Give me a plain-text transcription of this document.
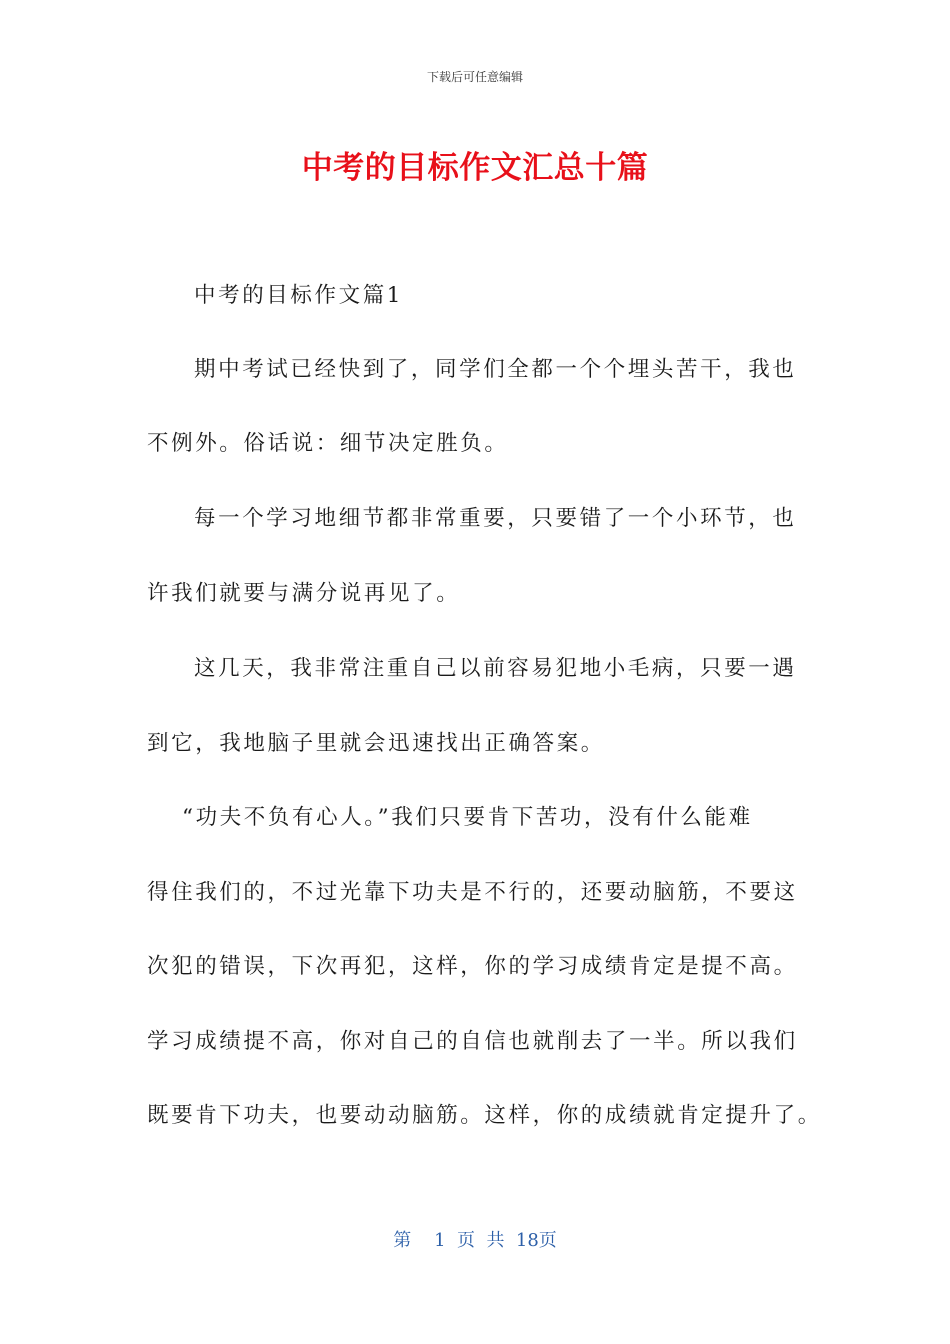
下载后可任意编辑
中考的目标作文汇总十篇
中考的目标作文篇1
期中考试已经快到了，同学们全都一个个埋头苦干，我也
不例外。俗话说：细节决定胜负。
每一个学习地细节都非常重要，只要错了一个小环节，也
许我们就要与满分说再见了。
这几天，我非常注重自己以前容易犯地小毛病，只要一遇
到它，我地脑子里就会迅速找出正确答案。
“功夫不负有心人。”我们只要肯下苦功，没有什么能难
得住我们的，不过光靠下功夫是不行的，还要动脑筋，不要这
次犯的错误，下次再犯，这样，你的学习成绩肯定是提不高。
学习成绩提不高，你对自己的自信也就削去了一半。所以我们
既要肯下功夫，也要动动脑筋。这样，你的成绩就肯定提升了。
第 1 页 共 18页
